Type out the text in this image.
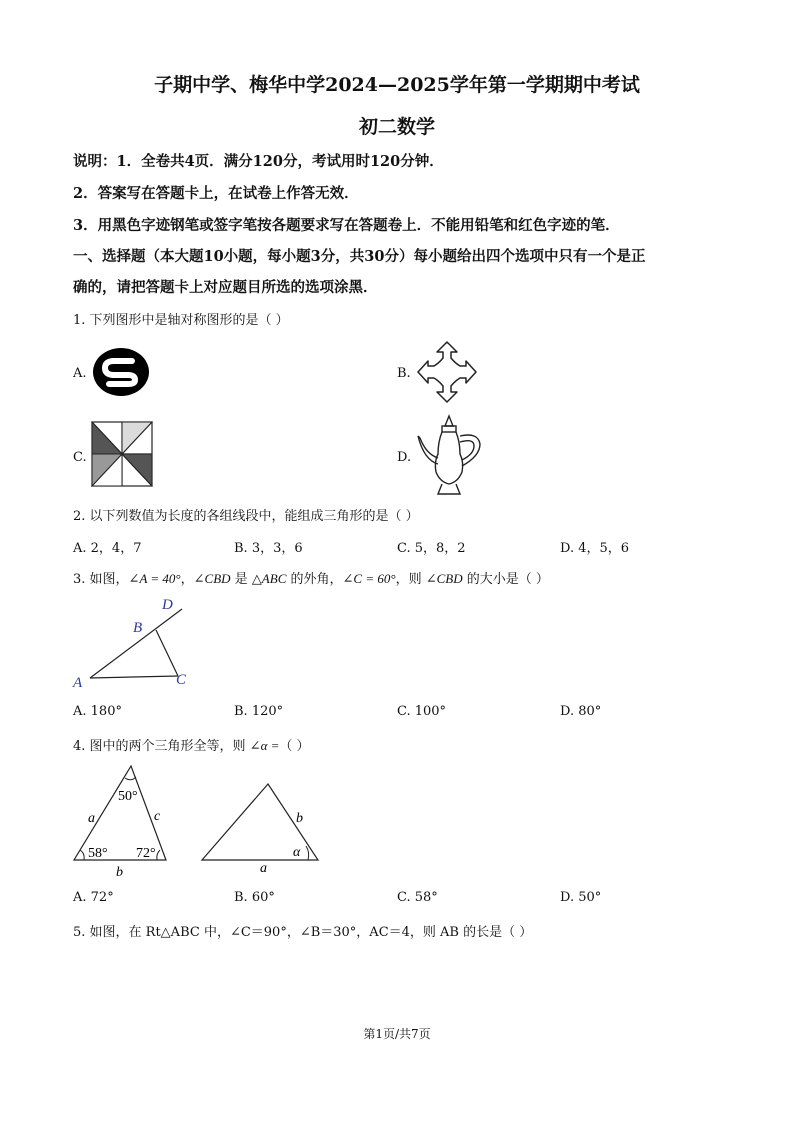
子期中学、梅华中学2024—2025学年第一学期期中考试
初二数学
说明：1．全卷共4页．满分120分，考试用时120分钟．
2．答案写在答题卡上，在试卷上作答无效．
3．用黑色字迹钢笔或签字笔按各题要求写在答题卷上．不能用铅笔和红色字迹的笔．
一、选择题（本大题10小题，每小题3分，共30分）每小题给出四个选项中只有一个是正
确的，请把答题卡上对应题目所选的选项涂黑．
1. 下列图形中是轴对称图形的是（ ）
A.	B.
C.	D.
2. 以下列数值为长度的各组线段中，能组成三角形的是（ ）
A. 2，4，7	B. 3，3，6	C. 5，8，2	D. 4，5，6
3. 如图，∠A = 40°，∠CBD 是 △ABC 的外角，∠C = 60°，则 ∠CBD 的大小是（ ）
A
B
C
D
A. 180°	B. 120°	C. 100°	D. 80°
4. 图中的两个三角形全等，则 ∠α =（ ）
50°
58° 72°
a	c
b
b
a
α
A. 72°	B. 60°	C. 58°	D. 50°
5. 如图，在 Rt△ABC 中，∠C＝90°，∠B＝30°，AC＝4，则 AB 的长是（ ）
第1页/共7页
